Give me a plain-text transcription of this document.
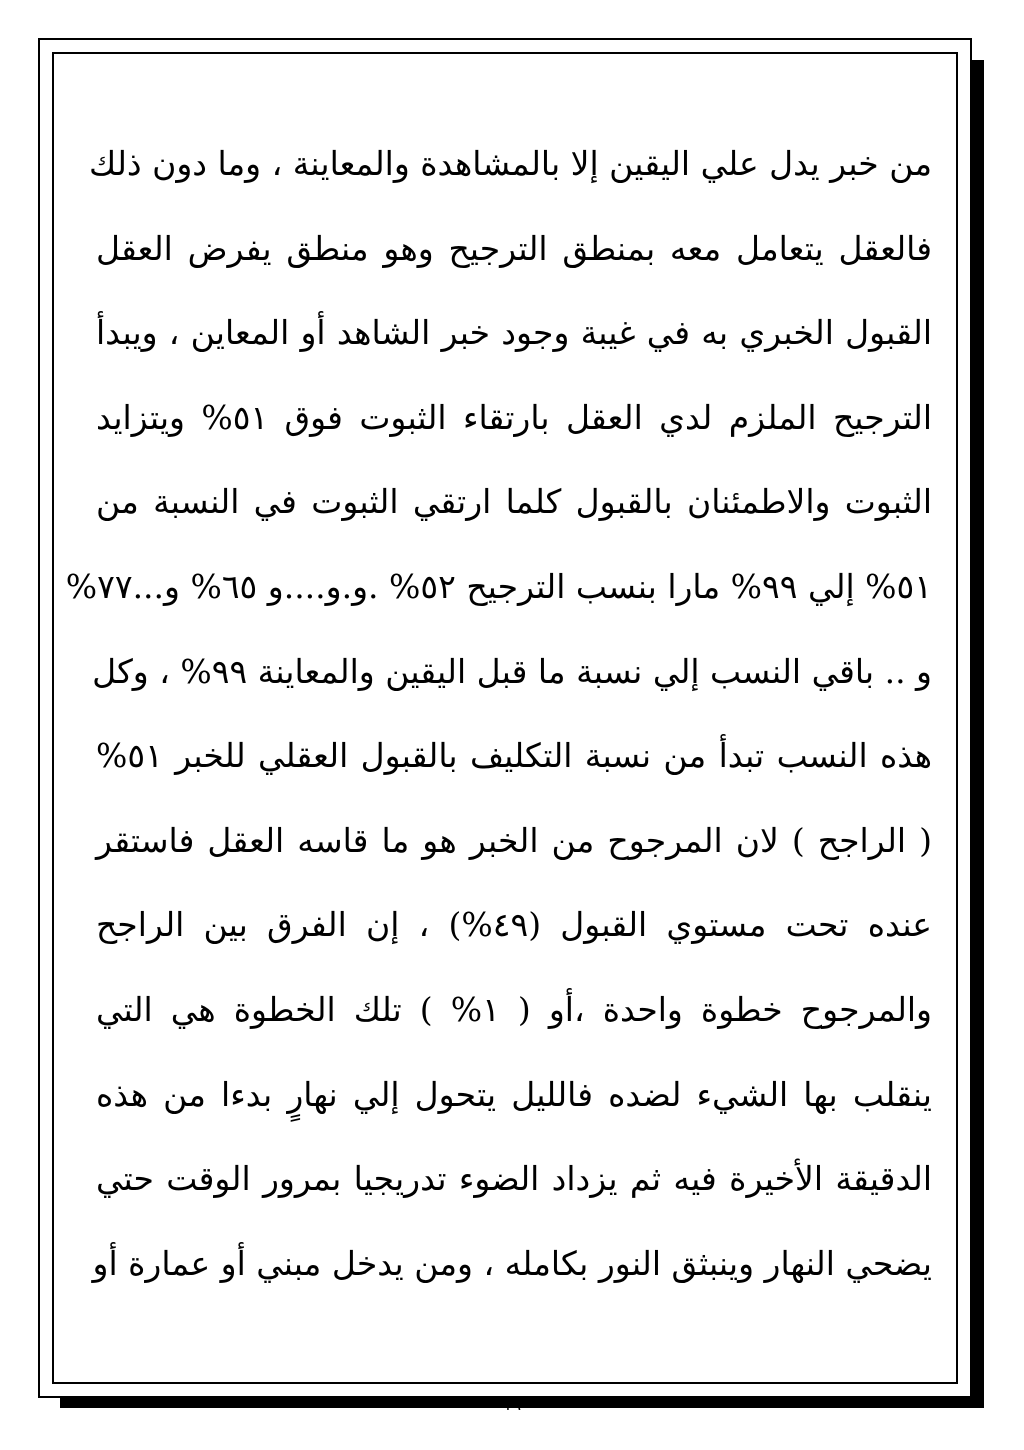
من خبر يدل علي اليقين إلا بالمشاهدة والمعاينة ، وما دون ذلك
فالعقل يتعامل معه بمنطق الترجيح وهو منطق يفرض العقل
القبول الخبري به في غيبة وجود خبر الشاهد أو المعاين ، ويبدأ
الترجيح الملزم لدي العقل بارتقاء الثبوت فوق ٥١% ويتزايد
الثبوت والاطمئنان بالقبول كلما ارتقي الثبوت في النسبة من
٥١% إلي ٩٩% مارا بنسب الترجيح ٥٢% .و.و....و ٦٥% و...٧٧%
و .. باقي النسب إلي نسبة ما قبل اليقين والمعاينة ٩٩% ، وكل
هذه النسب تبدأ من نسبة التكليف بالقبول العقلي للخبر ٥١%
( الراجح ) لان المرجوح من الخبر هو ما قاسه العقل فاستقر
عنده تحت مستوي القبول (٤٩%) ، إن الفرق بين الراجح
والمرجوح خطوة واحدة ،أو ( ١% ) تلك الخطوة هي التي
ينقلب بها الشيء لضده فالليل يتحول إلي نهارٍ بدءا من هذه
الدقيقة الأخيرة فيه ثم يزداد الضوء تدريجيا بمرور الوقت حتي
يضحي النهار وينبثق النور بكامله ، ومن يدخل مبني أو عمارة أو
~١٩~
